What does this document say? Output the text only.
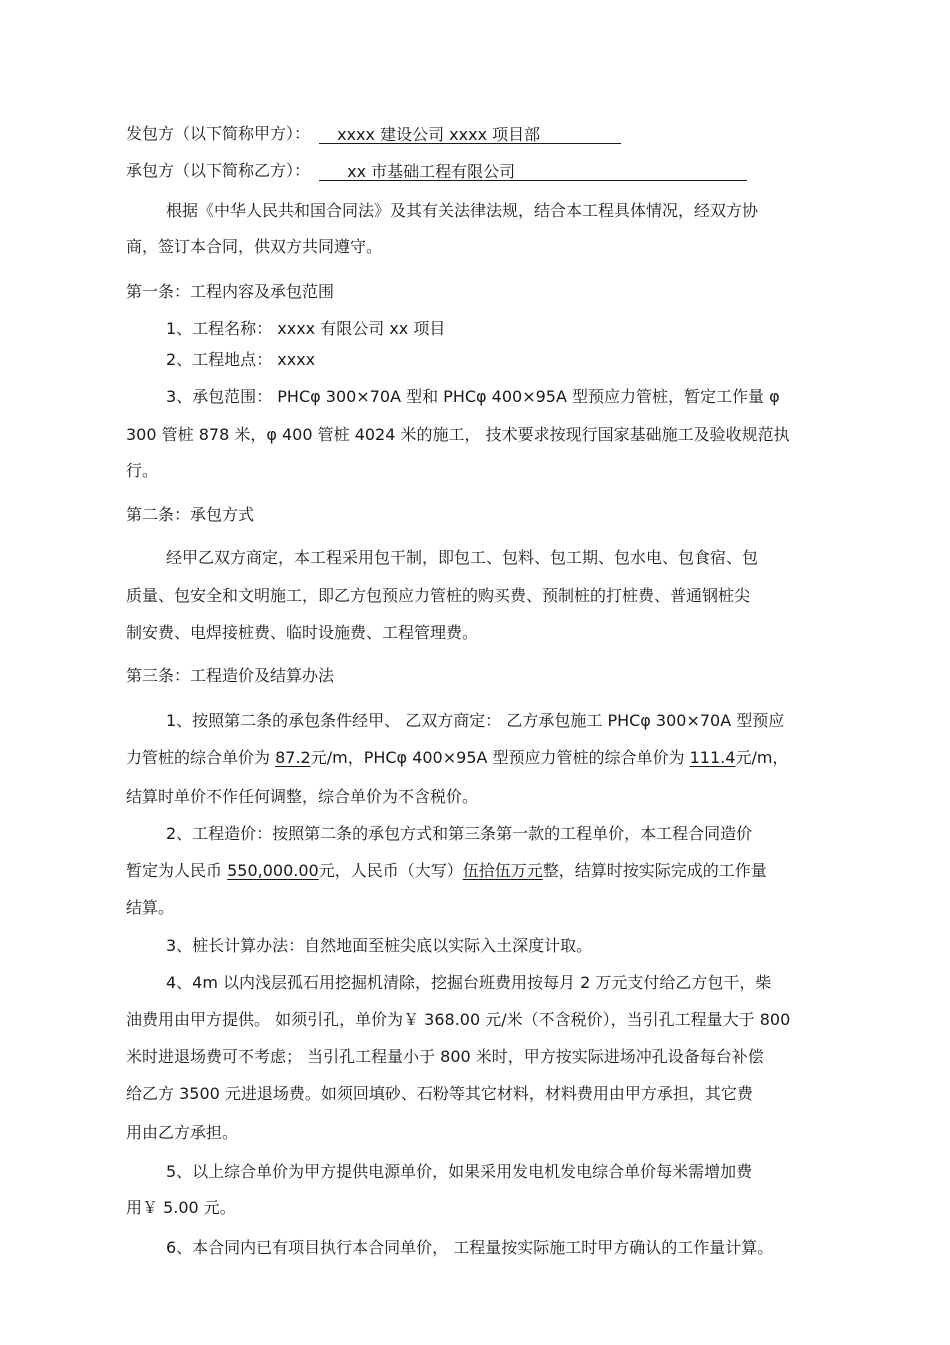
发包方（以下简称甲方）： xxxx 建设公司 xxxx 项目部
承包方（以下简称乙方）： xx 市基础工程有限公司
根据《中华人民共和国合同法》及其有关法律法规，结合本工程具体情况，经双方协
商，签订本合同，供双方共同遵守。
第一条：工程内容及承包范围
1、工程名称： xxxx 有限公司 xx 项目
2、工程地点： xxxx
3、承包范围： PHCφ 300×70A 型和 PHCφ 400×95A 型预应力管桩，暂定工作量 φ
300 管桩 878 米，φ 400 管桩 4024 米的施工， 技术要求按现行国家基础施工及验收规范执
行。
第二条：承包方式
经甲乙双方商定，本工程采用包干制，即包工、包料、包工期、包水电、包食宿、包
质量、包安全和文明施工，即乙方包预应力管桩的购买费、预制桩的打桩费、普通钢桩尖
制安费、电焊接桩费、临时设施费、工程管理费。
第三条：工程造价及结算办法
1、按照第二条的承包条件经甲、 乙双方商定： 乙方承包施工 PHCφ 300×70A 型预应
力管桩的综合单价为 87.2元/m，PHCφ 400×95A 型预应力管桩的综合单价为 111.4元/m，
结算时单价不作任何调整，综合单价为不含税价。
2、工程造价：按照第二条的承包方式和第三条第一款的工程单价，本工程合同造价
暂定为人民币 550,000.00元，人民币（大写）伍拾伍万元整，结算时按实际完成的工作量
结算。
3、桩长计算办法：自然地面至桩尖底以实际入土深度计取。
4、4m 以内浅层孤石用挖掘机清除，挖掘台班费用按每月 2 万元支付给乙方包干，柴
油费用由甲方提供。 如须引孔，单价为￥ 368.00 元/米（不含税价），当引孔工程量大于 800
米时进退场费可不考虑； 当引孔工程量小于 800 米时，甲方按实际进场冲孔设备每台补偿
给乙方 3500 元进退场费。如须回填砂、石粉等其它材料，材料费用由甲方承担，其它费
用由乙方承担。
5、以上综合单价为甲方提供电源单价，如果采用发电机发电综合单价每米需增加费
用￥ 5.00 元。
6、本合同内已有项目执行本合同单价， 工程量按实际施工时甲方确认的工作量计算。
